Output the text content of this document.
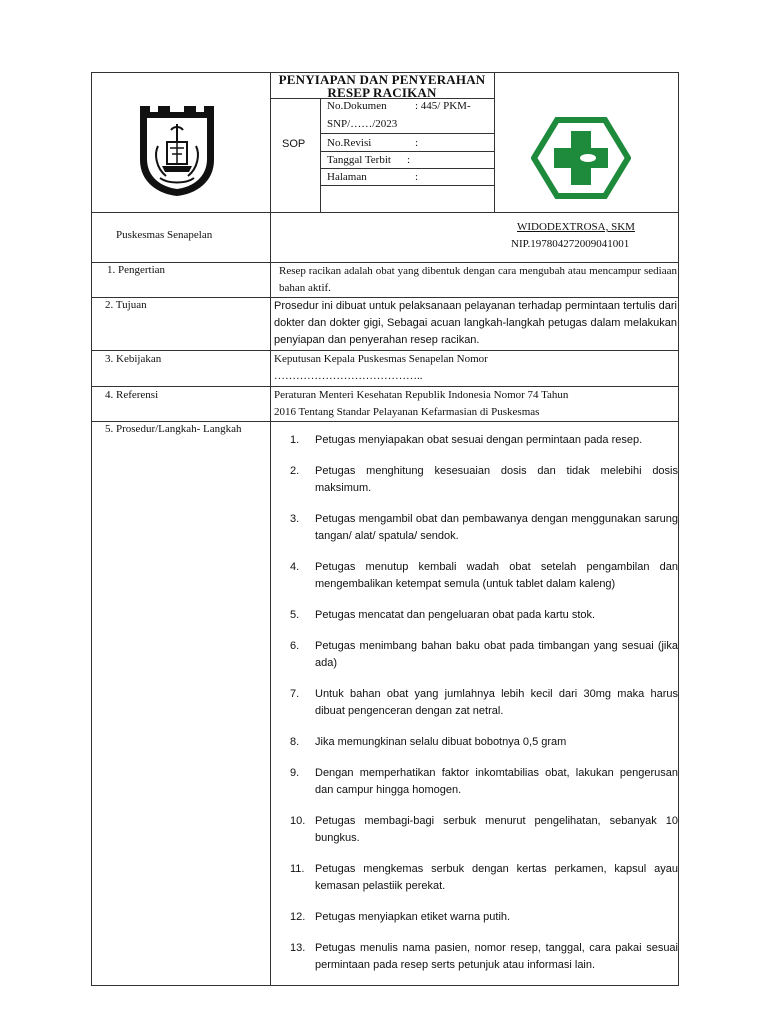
PENYIAPAN DAN PENYERAHAN RESEP RACIKAN
SOP
No.Dokumen	: 445/ PKM-
SNP/……/2023
No.Revisi	:
Tanggal Terbit :
Halaman	:
Puskesmas Senapelan
WIDODEXTROSA, SKM
NIP.197804272009041001
1. Pengertian	Resep racikan adalah obat yang dibentuk dengan cara mengubah atau mencampur sediaan bahan aktif.
2. Tujuan	Prosedur ini dibuat untuk pelaksanaan pelayanan terhadap permintaan tertulis dari dokter dan dokter gigi, Sebagai acuan langkah-langkah petugas dalam melakukan penyiapan dan penyerahan resep racikan.
3. Kebijakan	Keputusan Kepala Puskesmas Senapelan Nomor
…………………………………..
4. Referensi	Peraturan Menteri Kesehatan Republik Indonesia Nomor 74 Tahun
2016 Tentang Standar Pelayanan Kefarmasian di Puskesmas
5. Prosedur/Langkah- Langkah
1.	Petugas menyiapakan obat sesuai dengan permintaan pada resep.
2.	Petugas menghitung kesesuaian dosis dan tidak melebihi dosis maksimum.
3.	Petugas mengambil obat dan pembawanya dengan menggunakan sarung tangan/ alat/ spatula/ sendok.
4.	Petugas menutup kembali wadah obat setelah pengambilan dan mengembalikan ketempat semula (untuk tablet dalam kaleng)
5.	Petugas mencatat dan pengeluaran obat pada kartu stok.
6.	Petugas menimbang bahan baku obat pada timbangan yang sesuai (jika ada)
7.	Untuk bahan obat yang jumlahnya lebih kecil dari 30mg maka harus dibuat pengenceran dengan zat netral.
8.	Jika memungkinan selalu dibuat bobotnya 0,5 gram
9.	Dengan memperhatikan faktor inkomtabilias obat, lakukan pengerusan dan campur hingga homogen.
10. Petugas membagi-bagi serbuk menurut pengelihatan, sebanyak 10 bungkus.
11. Petugas mengkemas serbuk dengan kertas perkamen, kapsul ayau kemasan pelastiik perekat.
12. Petugas menyiapkan etiket warna putih.
13. Petugas menulis nama pasien, nomor resep, tanggal, cara pakai sesuai permintaan pada resep serts petunjuk atau informasi lain.
